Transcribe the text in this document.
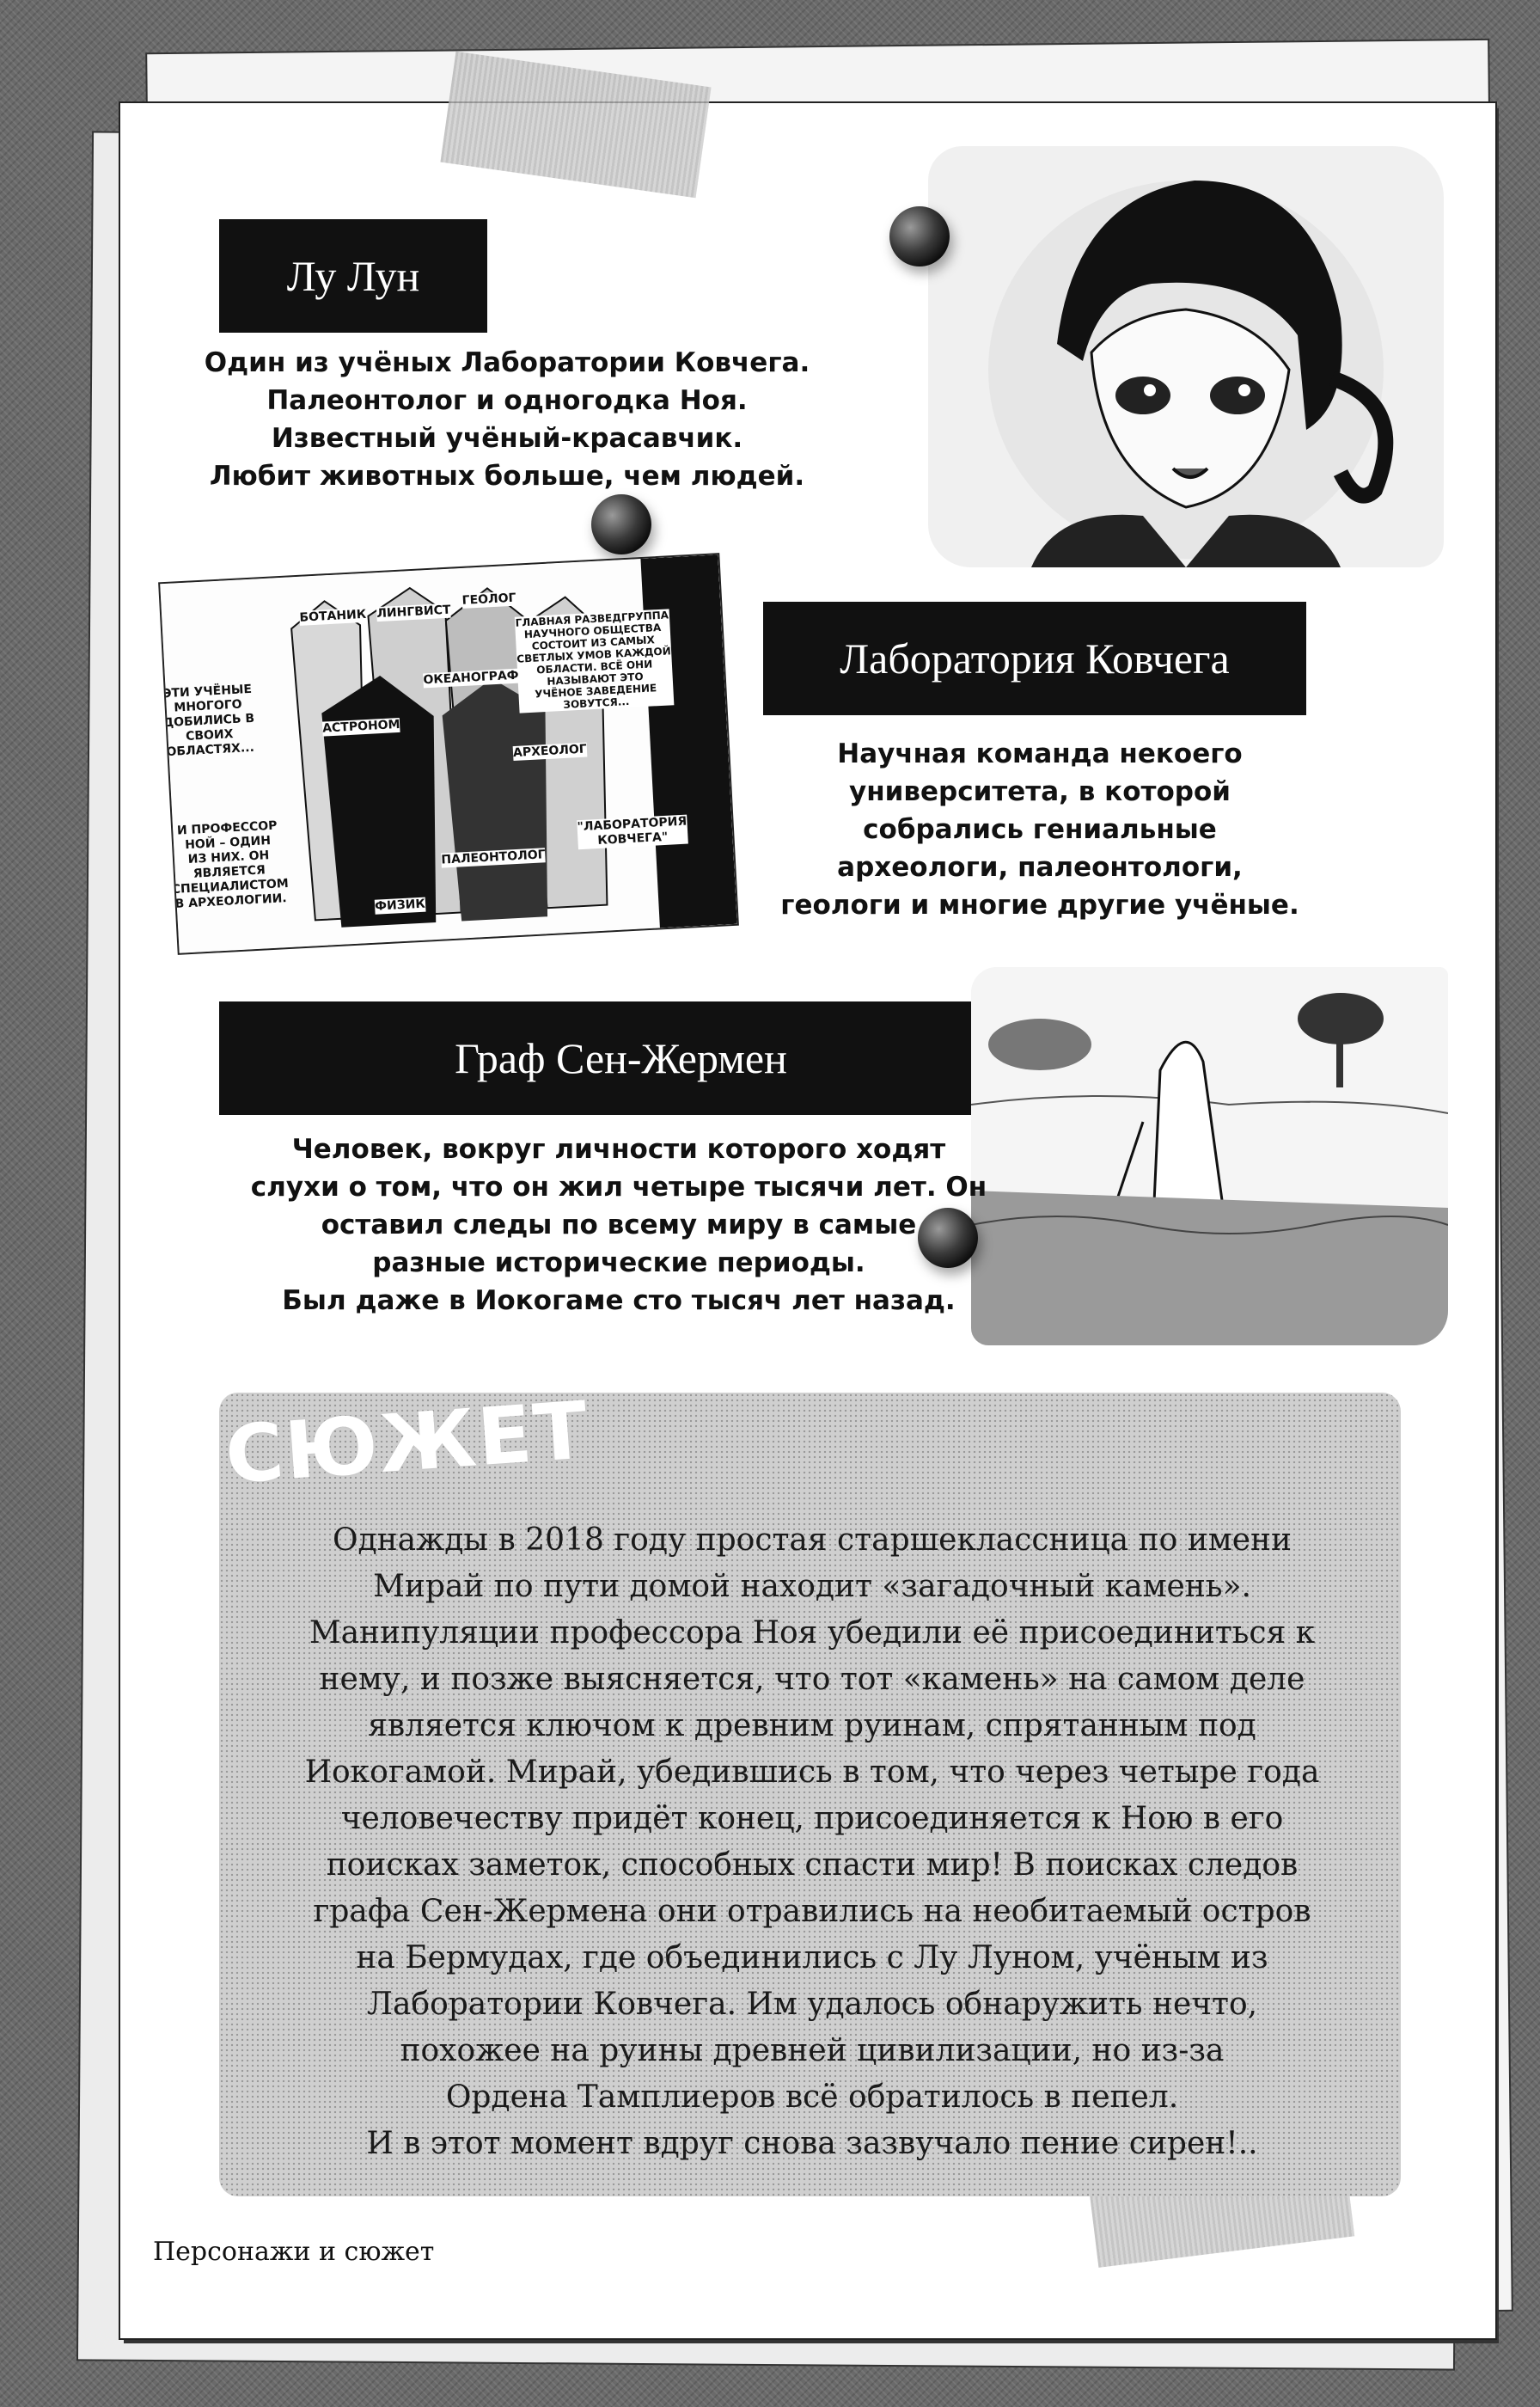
Лу Лун
Один из учёных Лаборатории Ковчега.
Палеонтолог и одногодка Ноя.
Известный учёный-красавчик.
Любит животных больше, чем людей.
ЭТИ УЧЁНЫЕ
МНОГОГО
ДОБИЛИСЬ В
СВОИХ
ОБЛАСТЯХ...
И ПРОФЕССОР
НОЙ – ОДИН
ИЗ НИХ. ОН
ЯВЛЯЕТСЯ
СПЕЦИАЛИСТОМ
В АРХЕОЛОГИИ.
ГЛАВНАЯ РАЗВЕДГРУППА
НАУЧНОГО ОБЩЕСТВА
СОСТОИТ ИЗ САМЫХ
СВЕТЛЫХ УМОВ КАЖДОЙ
ОБЛАСТИ. ВСЁ ОНИ
НАЗЫВАЮТ ЭТО
УЧЁНОЕ ЗАВЕДЕНИЕ
ЗОВУТСЯ...
"ЛАБОРАТОРИЯ
КОВЧЕГА"
БОТАНИК ЛИНГВИСТ
ГЕОЛОГ
ОКЕАНОГРАФ
АСТРОНОМ
АРХЕОЛОГ
ФИЗИК
ПАЛЕОНТОЛОГ
Лаборатория Ковчега
Научная команда некоего
университета, в которой
собрались гениальные
археологи, палеонтологи,
геологи и многие другие учёные.
Граф Сен-Жермен
Человек, вокруг личности которого ходят
слухи о том, что он жил четыре тысячи лет. Он
оставил следы по всему миру в самые
разные исторические периоды.
Был даже в Иокогаме сто тысяч лет назад.
СЮЖЕТ
Однажды в 2018 году простая старшеклассница по имени
Мирай по пути домой находит «загадочный камень».
Манипуляции профессора Ноя убедили её присоединиться к
нему, и позже выясняется, что тот «камень» на самом деле
является ключом к древним руинам, спрятанным под
Иокогамой. Мирай, убедившись в том, что через четыре года
человечеству придёт конец, присоединяется к Ною в его
поисках заметок, способных спасти мир! В поисках следов
графа Сен-Жермена они отравились на необитаемый остров
на Бермудах, где объединились с Лу Луном, учёным из
Лаборатории Ковчега. Им удалось обнаружить нечто,
похожее на руины древней цивилизации, но из-за
Ордена Тамплиеров всё обратилось в пепел.
И в этот момент вдруг снова зазвучало пение сирен!..
Персонажи и сюжет
